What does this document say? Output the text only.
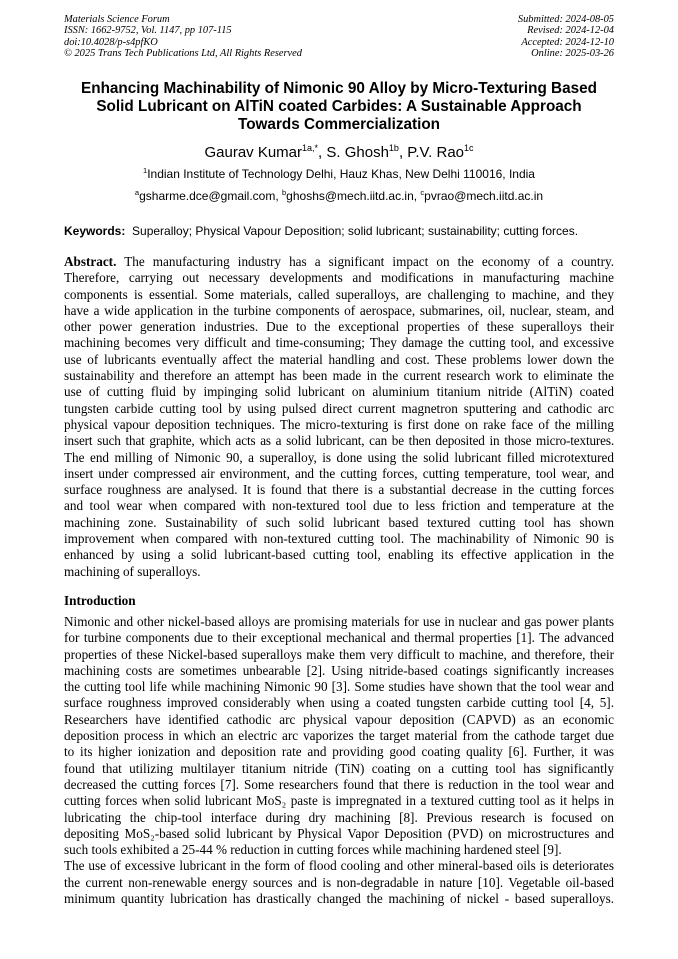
Materials Science Forum
ISSN: 1662-9752, Vol. 1147, pp 107-115
doi:10.4028/p-s4pfKO
© 2025 Trans Tech Publications Ltd, All Rights Reserved
Submitted: 2024-08-05
Revised: 2024-12-04
Accepted: 2024-12-10
Online: 2025-03-26
Enhancing Machinability of Nimonic 90 Alloy by Micro-Texturing Based
Solid Lubricant on AlTiN coated Carbides: A Sustainable Approach
Towards Commercialization
Gaurav Kumar$^{1a,*}$, S. Ghosh$^{1b}$, P.V. Rao$^{1c}$
$^1$Indian Institute of Technology Delhi, Hauz Khas, New Delhi 110016, India
$^a$gsharme.dce@gmail.com, $^b$ghoshs@mech.iitd.ac.in, $^c$pvrao@mech.iitd.ac.in
Keywords: Superalloy; Physical Vapour Deposition; solid lubricant; sustainability; cutting forces.
Abstract. The manufacturing industry has a significant impact on the economy of a country.
Therefore, carrying out necessary developments and modifications in manufacturing machine
components is essential. Some materials, called superalloys, are challenging to machine, and they
have a wide application in the turbine components of aerospace, submarines, oil, nuclear, steam, and
other power generation industries. Due to the exceptional properties of these superalloys their
machining becomes very difficult and time-consuming; They damage the cutting tool, and excessive
use of lubricants eventually affect the material handling and cost. These problems lower down the
sustainability and therefore an attempt has been made in the current research work to eliminate the
use of cutting fluid by impinging solid lubricant on aluminium titanium nitride (AlTiN) coated
tungsten carbide cutting tool by using pulsed direct current magnetron sputtering and cathodic arc
physical vapour deposition techniques. The micro-texturing is first done on rake face of the milling
insert such that graphite, which acts as a solid lubricant, can be then deposited in those micro-textures.
The end milling of Nimonic 90, a superalloy, is done using the solid lubricant filled microtextured
insert under compressed air environment, and the cutting forces, cutting temperature, tool wear, and
surface roughness are analysed. It is found that there is a substantial decrease in the cutting forces
and tool wear when compared with non-textured tool due to less friction and temperature at the
machining zone. Sustainability of such solid lubricant based textured cutting tool has shown
improvement when compared with non-textured cutting tool. The machinability of Nimonic 90 is
enhanced by using a solid lubricant-based cutting tool, enabling its effective application in the
machining of superalloys.
Introduction
Nimonic and other nickel-based alloys are promising materials for use in nuclear and gas power plants
for turbine components due to their exceptional mechanical and thermal properties [1]. The advanced
properties of these Nickel-based superalloys make them very difficult to machine, and therefore, their
machining costs are sometimes unbearable [2]. Using nitride-based coatings significantly increases
the cutting tool life while machining Nimonic 90 [3]. Some studies have shown that the tool wear and
surface roughness improved considerably when using a coated tungsten carbide cutting tool [4, 5].
Researchers have identified cathodic arc physical vapour deposition (CAPVD) as an economic
deposition process in which an electric arc vaporizes the target material from the cathode target due
to its higher ionization and deposition rate and providing good coating quality [6]. Further, it was
found that utilizing multilayer titanium nitride (TiN) coating on a cutting tool has significantly
decreased the cutting forces [7]. Some researchers found that there is reduction in the tool wear and
cutting forces when solid lubricant MoS₂ paste is impregnated in a textured cutting tool as it helps in
lubricating the chip-tool interface during dry machining [8]. Previous research is focused on
depositing MoS₂-based solid lubricant by Physical Vapor Deposition (PVD) on microstructures and
such tools exhibited a 25-44 % reduction in cutting forces while machining hardened steel [9].
The use of excessive lubricant in the form of flood cooling and other mineral-based oils is deteriorates
the current non-renewable energy sources and is non-degradable in nature [10]. Vegetable oil-based
minimum quantity lubrication has drastically changed the machining of nickel - based superalloys.
